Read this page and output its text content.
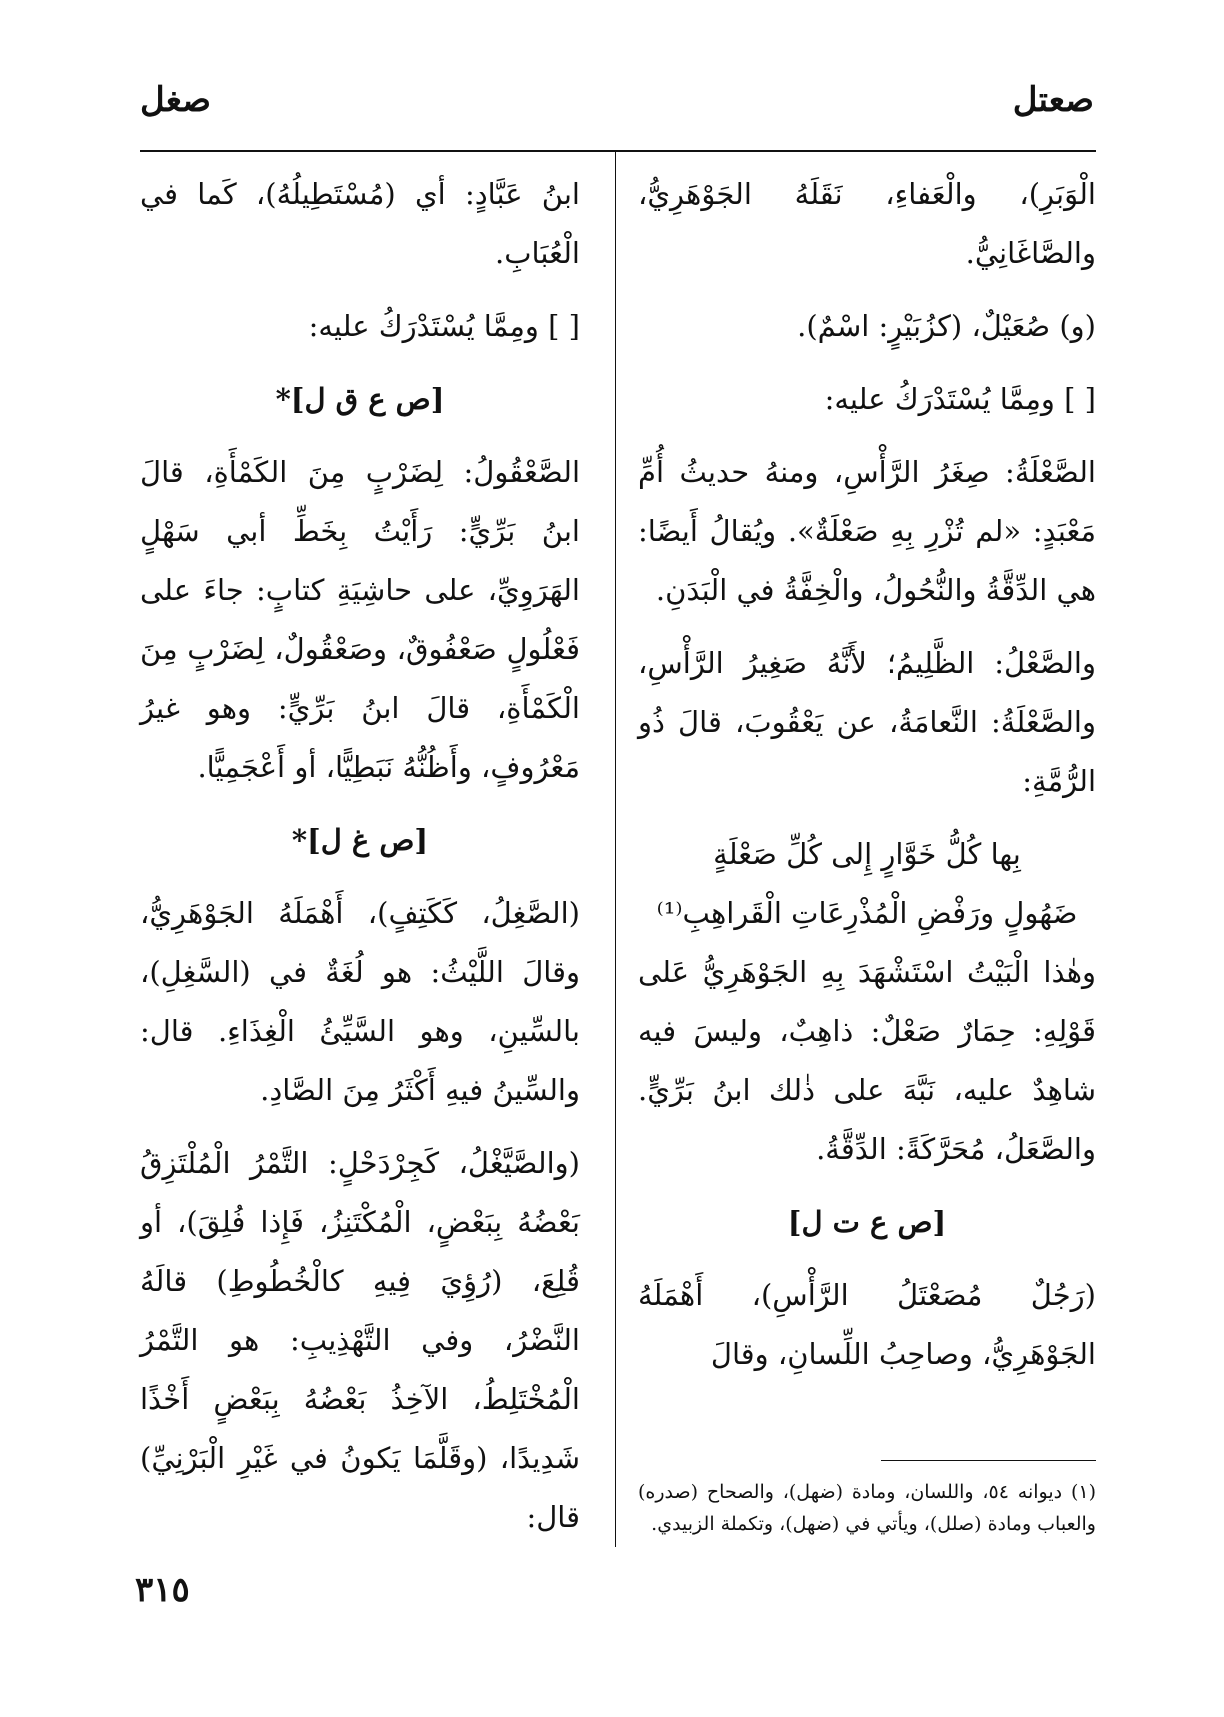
صعتل
صغل

الْوَبَرِ)، والْعَفاءِ، نَقَلَهُ الجَوْهَرِيُّ، والصَّاغَانِيُّ.

(و) صُعَيْلٌ، (كزُبَيْرٍ: اسْمٌ).

[ ] ومِمَّا يُسْتَدْرَكُ عليه:

الصَّعْلَةُ: صِغَرُ الرَّأْسِ، ومنهُ حديثُ أُمِّ مَعْبَدٍ: «لم تُزْرِ بِهِ صَعْلَةٌ». ويُقالُ أَيضًا: هي الدِّقَّةُ والنُّحُولُ، والْخِفَّةُ في الْبَدَنِ.

والصَّعْلُ: الظَّلِيمُ؛ لأَنَّهُ صَغِيرُ الرَّأْسِ، والصَّعْلَةُ: النَّعامَةُ، عن يَعْقُوبَ، قالَ ذُو الرُّمَّةِ:

بِها كُلُّ خَوَّارٍ إِلى كُلِّ صَعْلَةٍ

ضَهُولٍ ورَفْضِ الْمُذْرِعَاتِ الْقَراهِبِ⁽¹⁾

وهٰذا الْبَيْتُ اسْتَشْهَدَ بِهِ الجَوْهَرِيُّ عَلى قَوْلِهِ: حِمَارٌ صَعْلٌ: ذاهِبٌ، وليسَ فيه شاهِدٌ عليه، نَبَّهَ على ذٰلك ابنُ بَرِّيٍّ. والصَّعَلُ، مُحَرَّكَةً: الدِّقَّةُ.

[ص ع ت ل]

(رَجُلٌ مُصَعْتَلُ الرَّأْسِ)، أَهْمَلَهُ الجَوْهَرِيُّ، وصاحِبُ اللِّسانِ، وقالَ

ابنُ عَبَّادٍ: أي (مُسْتَطِيلُهُ)، كَما في الْعُبَابِ.

[ ] ومِمَّا يُسْتَدْرَكُ عليه:

[ص ع ق ل]*

الصَّعْقُولُ: لِضَرْبٍ مِنَ الكَمْأَةِ، قالَ ابنُ بَرِّيٍّ: رَأَيْتُ بِخَطِّ أبي سَهْلٍ الهَرَوِيِّ، على حاشِيَةِ كتابٍ: جاءَ على فَعْلُولٍ صَعْفُوقٌ، وصَعْقُولٌ، لِضَرْبٍ مِنَ الْكَمْأَةِ، قالَ ابنُ بَرِّيٍّ: وهو غيرُ مَعْرُوفٍ، وأَظُنُّهُ نَبَطِيًّا، أو أَعْجَمِيًّا.

[ص غ ل]*

(الصَّغِلُ، كَكَتِفٍ)، أَهْمَلَهُ الجَوْهَرِيُّ، وقالَ اللَّيْثُ: هو لُغَةٌ في (السَّغِلِ)، بالسِّينِ، وهو السَّيِّئُ الْغِذَاءِ. قال: والسِّينُ فيهِ أَكْثَرُ مِنَ الصَّادِ.

(والصَّيَّغْلُ، كَجِرْدَحْلٍ: التَّمْرُ الْمُلْتَزِقُ بَعْضُهُ بِبَعْضٍ، الْمُكْتَنِزُ، فَإِذا فُلِقَ)، أو قُلِعَ، (رُؤِيَ فِيهِ كالْخُطُوطِ) قالَهُ النَّضْرُ، وفي التَّهْذِيبِ: هو التَّمْرُ الْمُخْتَلِطُ، الآخِذُ بَعْضُهُ بِبَعْضٍ أَخْذًا شَدِيدًا، (وقَلَّمَا يَكونُ في غَيْرِ الْبَرْنِيِّ) قال:

(١) ديوانه ٥٤، واللسان، ومادة (ضهل)، والصحاح (صدره) والعباب ومادة (صلل)، ويأتي في (ضهل)، وتكملة الزبيدي.

٣١٥
